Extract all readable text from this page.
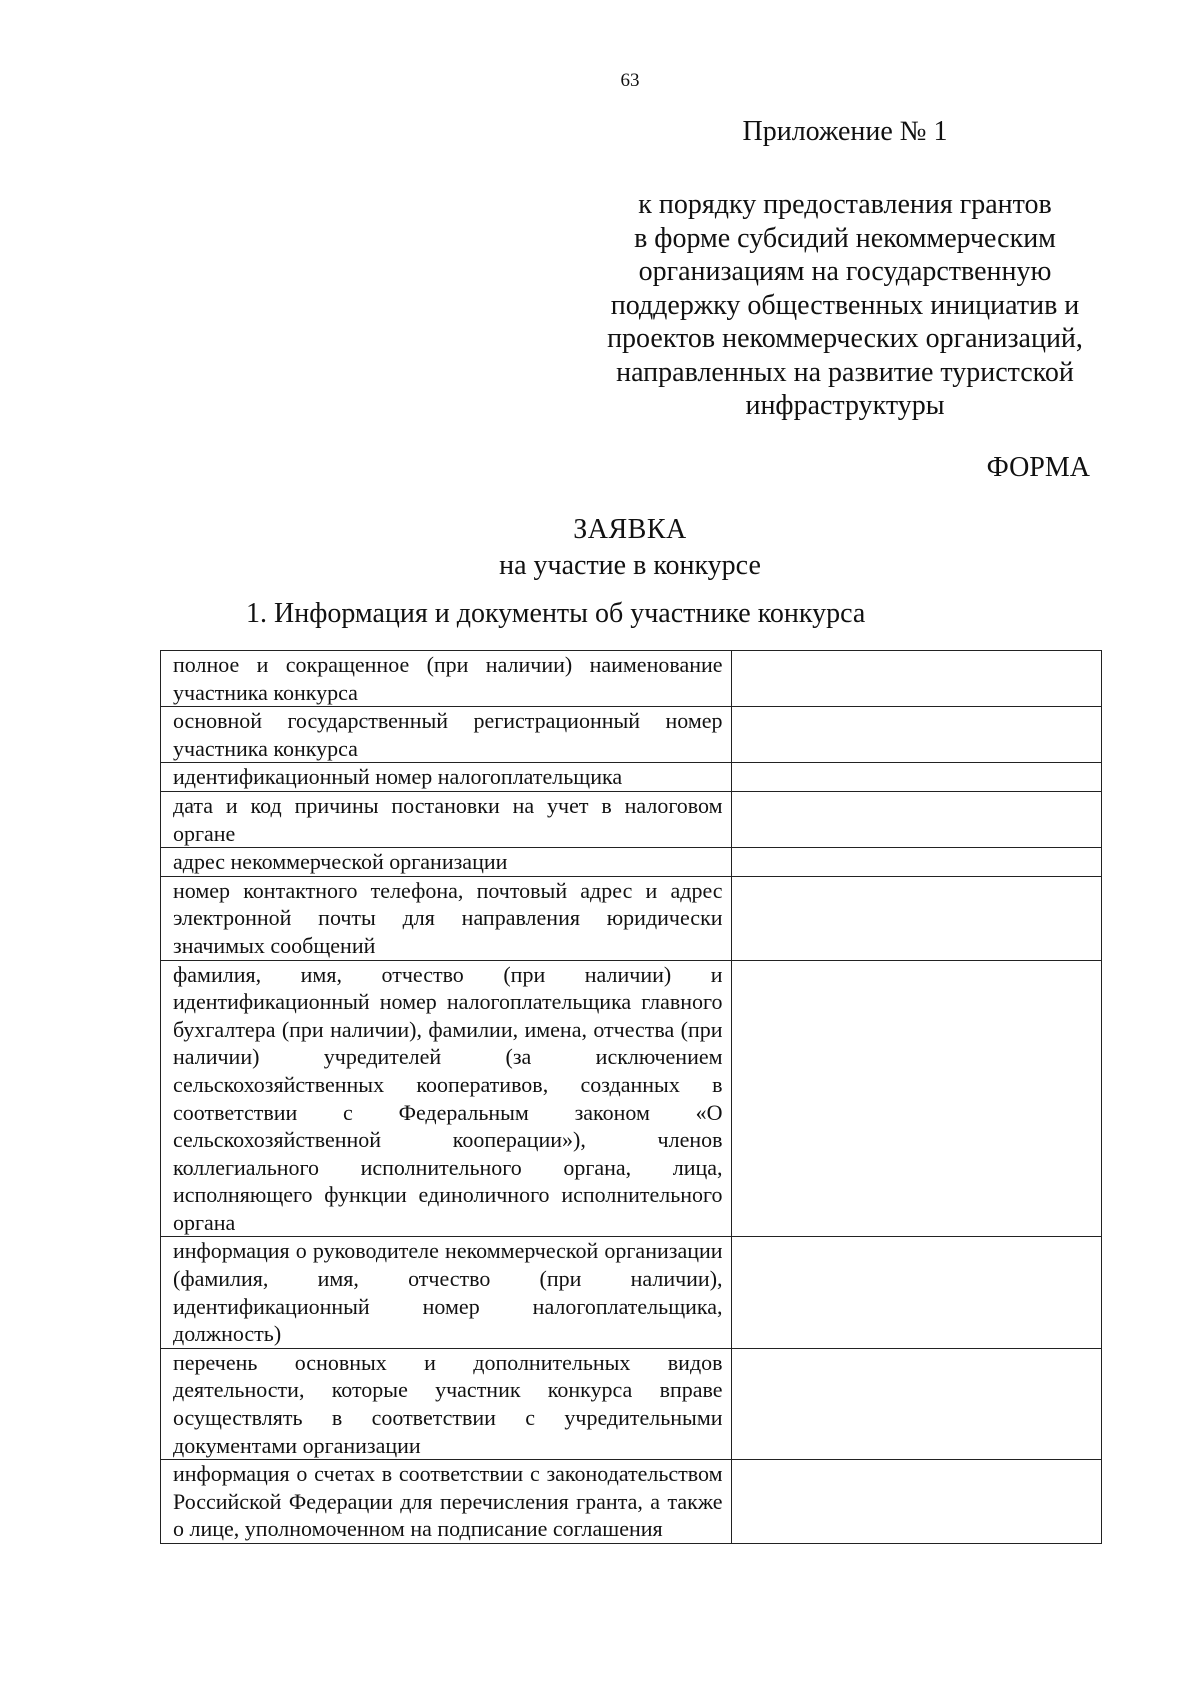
63
Приложение № 1
к порядку предоставления грантов
в форме субсидий некоммерческим
организациям на государственную
поддержку общественных инициатив и
проектов некоммерческих организаций,
направленных на развитие туристской
инфраструктуры
ФОРМА
ЗАЯВКА
на участие в конкурсе
1. Информация и документы об участнике конкурса
полное и сокращенное (при наличии) наименование участника конкурса	
основной государственный регистрационный номер участника конкурса	
идентификационный номер налогоплательщика	
дата и код причины постановки на учет в налоговом органе	
адрес некоммерческой организации	
номер контактного телефона, почтовый адрес и адрес электронной почты для направления юридически значимых сообщений	
фамилия, имя, отчество (при наличии) и идентификационный номер налогоплательщика главного бухгалтера (при наличии), фамилии, имена, отчества (при наличии) учредителей (за исключением сельскохозяйственных кооперативов, созданных в соответствии с Федеральным законом «О сельскохозяйственной кооперации»), членов коллегиального исполнительного органа, лица, исполняющего функции единоличного исполнительного органа	
информация о руководителе некоммерческой организации (фамилия, имя, отчество (при наличии), идентификационный номер налогоплательщика, должность)	
перечень основных и дополнительных видов деятельности, которые участник конкурса вправе осуществлять в соответствии с учредительными документами организации	
информация о счетах в соответствии с законодательством Российской Федерации для перечисления гранта, а также о лице, уполномоченном на подписание соглашения	
